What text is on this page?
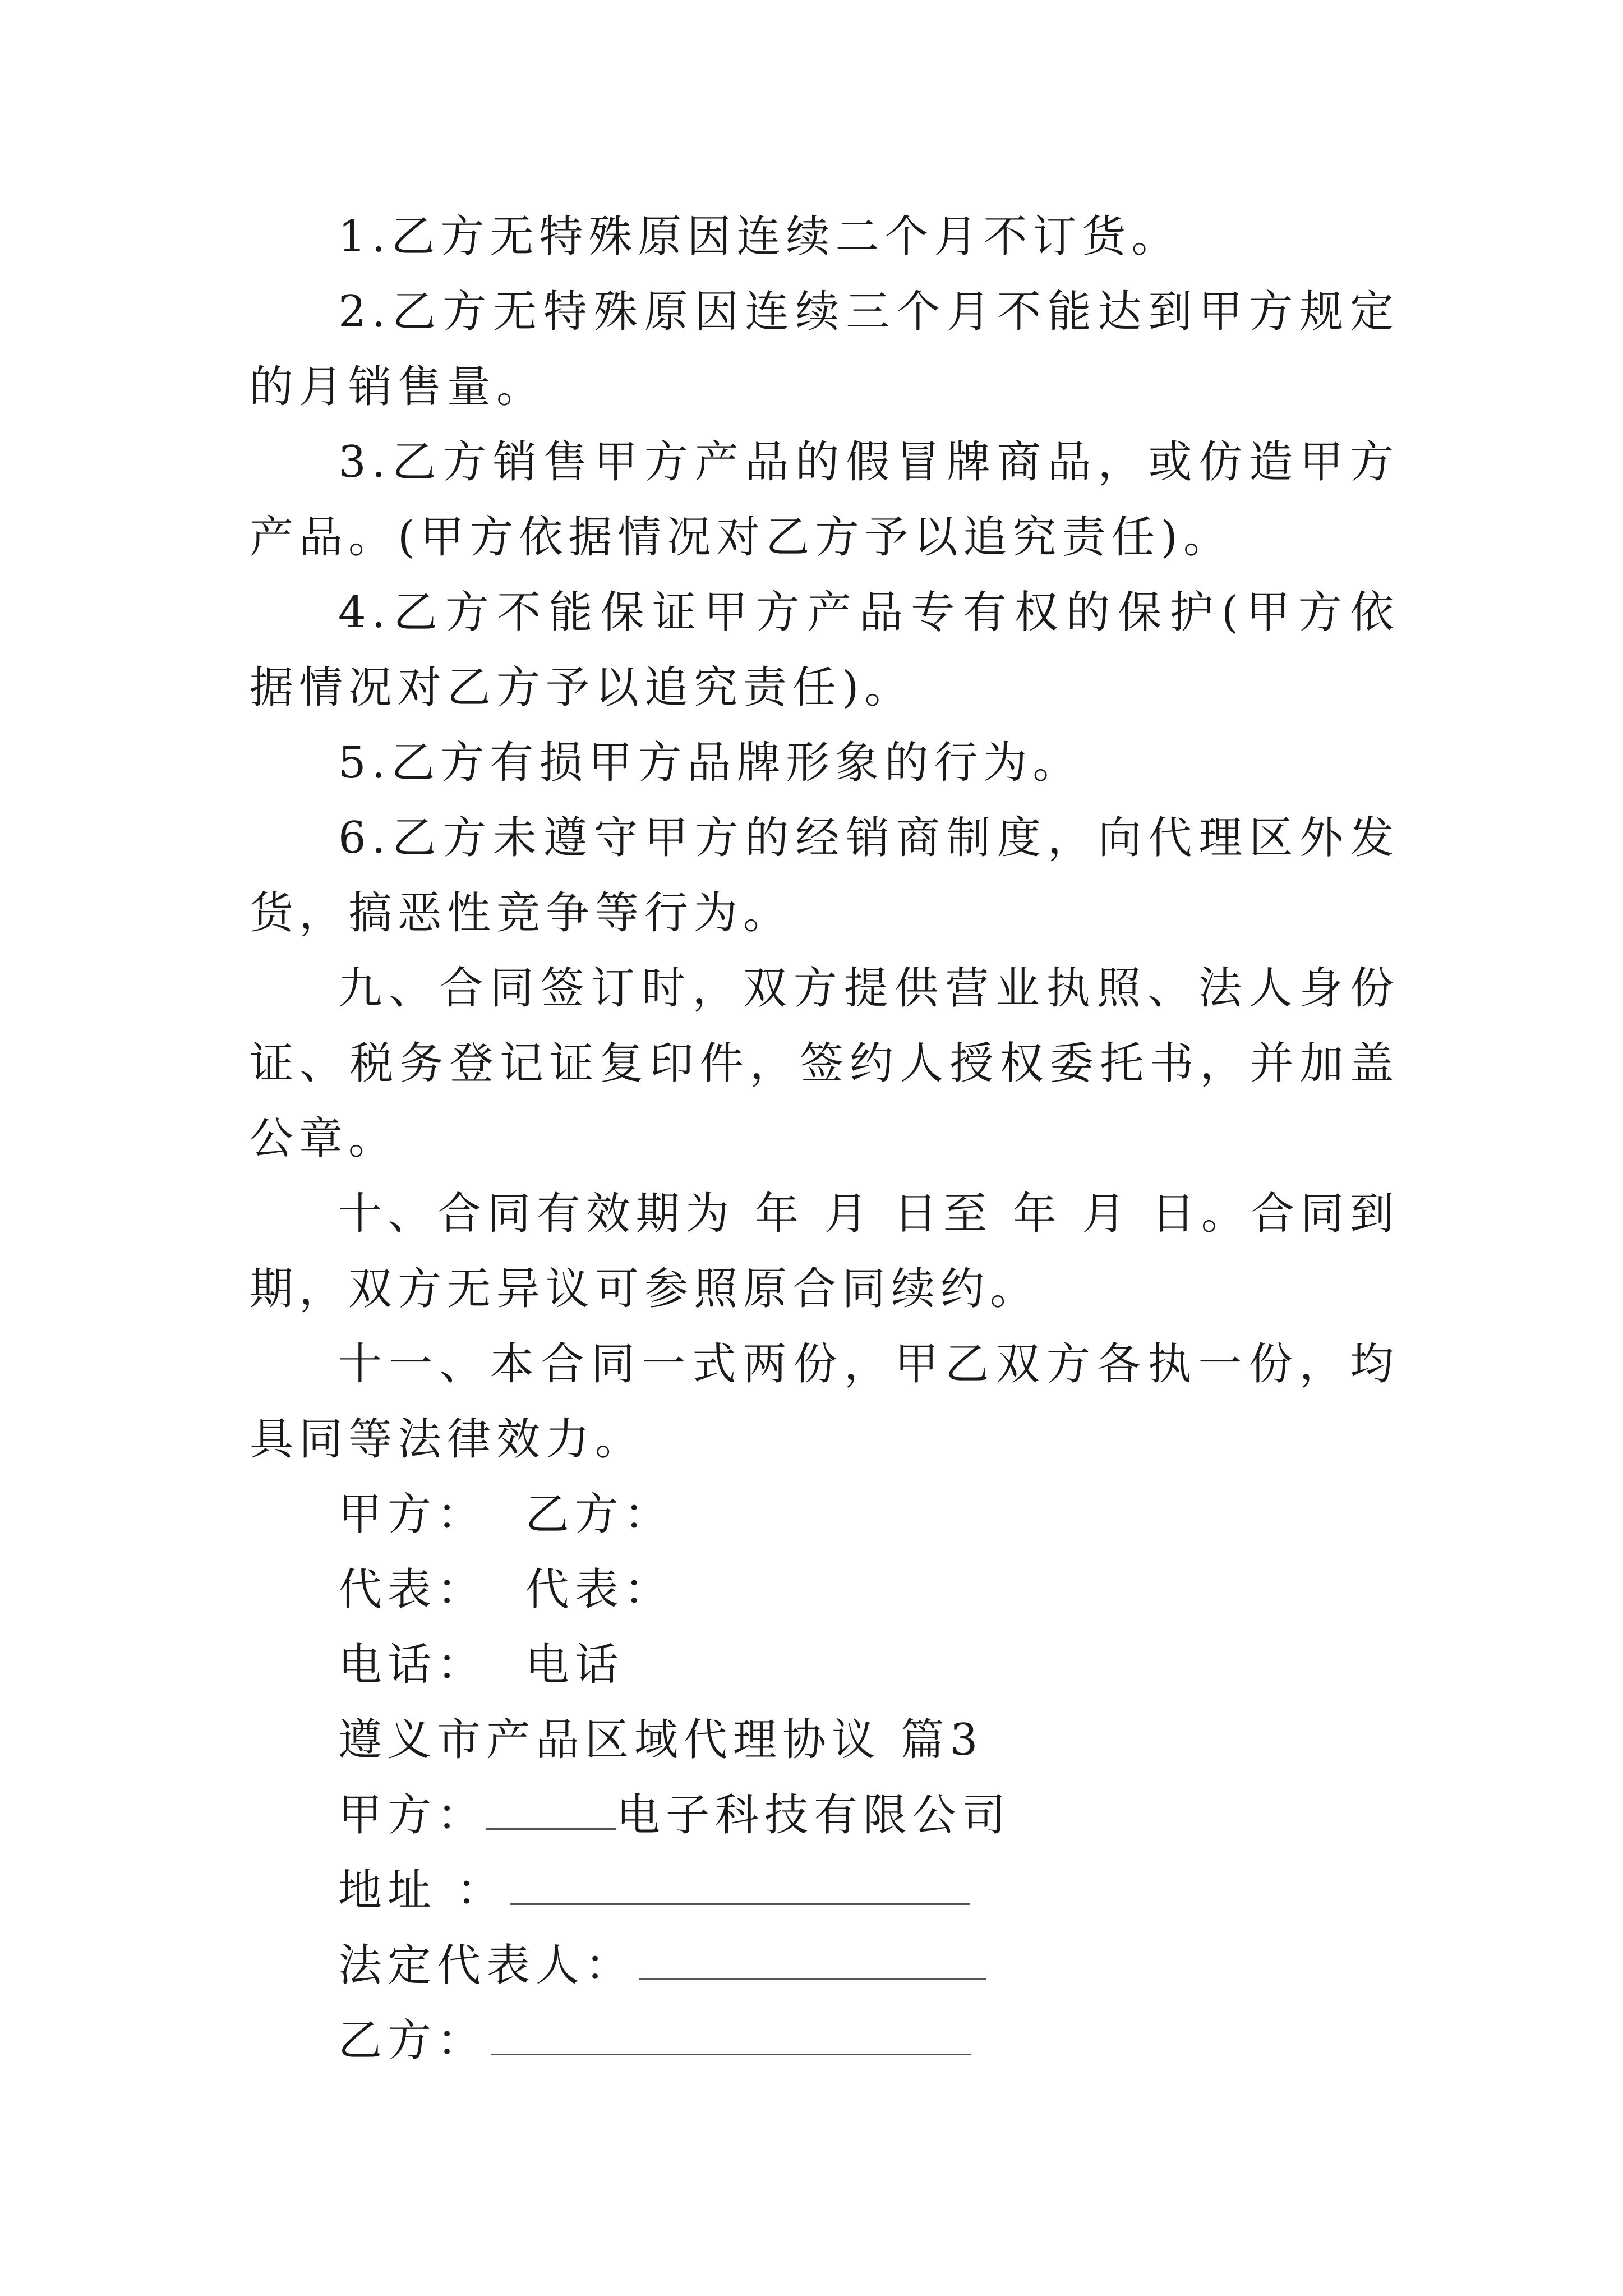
1.乙方无特殊原因连续二个月不订货。

2.乙方无特殊原因连续三个月不能达到甲方规定的月销售量。

3.乙方销售甲方产品的假冒牌商品，或仿造甲方产品。(甲方依据情况对乙方予以追究责任)。

4.乙方不能保证甲方产品专有权的保护(甲方依据情况对乙方予以追究责任)。

5.乙方有损甲方品牌形象的行为。

6.乙方未遵守甲方的经销商制度，向代理区外发货，搞恶性竞争等行为。

九、合同签订时，双方提供营业执照、法人身份证、税务登记证复印件，签约人授权委托书，并加盖公章。

十、合同有效期为 年 月 日至 年 月 日。合同到期，双方无异议可参照原合同续约。

十一、本合同一式两份，甲乙双方各执一份，均具同等法律效力。

甲方：  乙方：

代表：  代表：

电话：  电话

遵义市产品区域代理协议 篇3

甲方：	电子科技有限公司

地址 ：

法定代表人：

乙方：
